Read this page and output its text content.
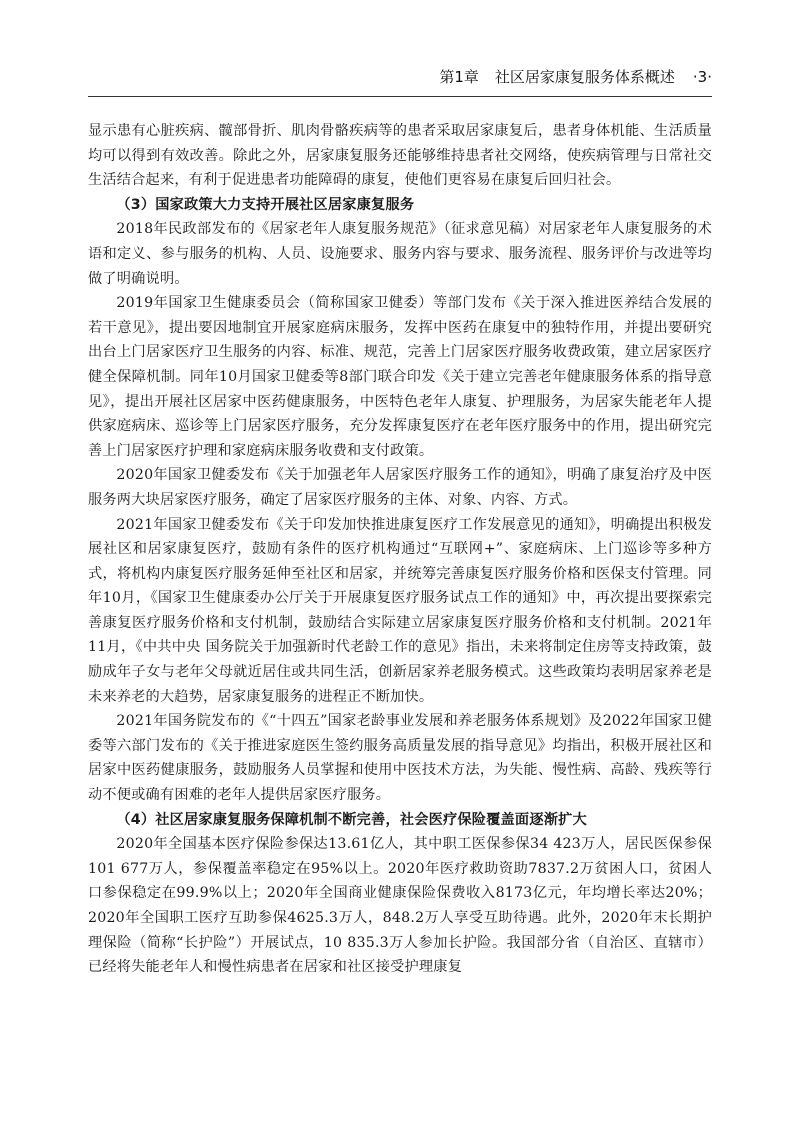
第1章 社区居家康复服务体系概述 ·3·

显示患有心脏疾病、髋部骨折、肌肉骨骼疾病等的患者采取居家康复后，患者身体机能、生活质量均可以得到有效改善。除此之外，居家康复服务还能够维持患者社交网络，使疾病管理与日常社交生活结合起来，有利于促进患者功能障碍的康复，使他们更容易在康复后回归社会。

（3）国家政策大力支持开展社区居家康复服务

2018年民政部发布的《居家老年人康复服务规范》（征求意见稿）对居家老年人康复服务的术语和定义、参与服务的机构、人员、设施要求、服务内容与要求、服务流程、服务评价与改进等均做了明确说明。

2019年国家卫生健康委员会（简称国家卫健委）等部门发布《关于深入推进医养结合发展的若干意见》，提出要因地制宜开展家庭病床服务，发挥中医药在康复中的独特作用，并提出要研究出台上门居家医疗卫生服务的内容、标准、规范，完善上门居家医疗服务收费政策，建立居家医疗健全保障机制。同年10月国家卫健委等8部门联合印发《关于建立完善老年健康服务体系的指导意见》，提出开展社区居家中医药健康服务，中医特色老年人康复、护理服务，为居家失能老年人提供家庭病床、巡诊等上门居家医疗服务，充分发挥康复医疗在老年医疗服务中的作用，提出研究完善上门居家医疗护理和家庭病床服务收费和支付政策。

2020年国家卫健委发布《关于加强老年人居家医疗服务工作的通知》，明确了康复治疗及中医服务两大块居家医疗服务，确定了居家医疗服务的主体、对象、内容、方式。

2021年国家卫健委发布《关于印发加快推进康复医疗工作发展意见的通知》，明确提出积极发展社区和居家康复医疗，鼓励有条件的医疗机构通过“互联网+”、家庭病床、上门巡诊等多种方式，将机构内康复医疗服务延伸至社区和居家，并统筹完善康复医疗服务价格和医保支付管理。同年10月，《国家卫生健康委办公厅关于开展康复医疗服务试点工作的通知》中，再次提出要探索完善康复医疗服务价格和支付机制，鼓励结合实际建立居家康复医疗服务价格和支付机制。2021年11月，《中共中央 国务院关于加强新时代老龄工作的意见》指出，未来将制定住房等支持政策，鼓励成年子女与老年父母就近居住或共同生活，创新居家养老服务模式。这些政策均表明居家养老是未来养老的大趋势，居家康复服务的进程正不断加快。

2021年国务院发布的《“十四五”国家老龄事业发展和养老服务体系规划》及2022年国家卫健委等六部门发布的《关于推进家庭医生签约服务高质量发展的指导意见》均指出，积极开展社区和居家中医药健康服务，鼓励服务人员掌握和使用中医技术方法，为失能、慢性病、高龄、残疾等行动不便或确有困难的老年人提供居家医疗服务。

（4）社区居家康复服务保障机制不断完善，社会医疗保险覆盖面逐渐扩大

2020年全国基本医疗保险参保达13.61亿人，其中职工医保参保34 423万人，居民医保参保101 677万人，参保覆盖率稳定在95%以上。2020年医疗救助资助7837.2万贫困人口，贫困人口参保稳定在99.9%以上；2020年全国商业健康保险保费收入8173亿元，年均增长率达20%；2020年全国职工医疗互助参保4625.3万人，848.2万人享受互助待遇。此外，2020年末长期护理保险（简称“长护险”）开展试点，10 835.3万人参加长护险。我国部分省（自治区、直辖市）已经将失能老年人和慢性病患者在居家和社区接受护理康复
